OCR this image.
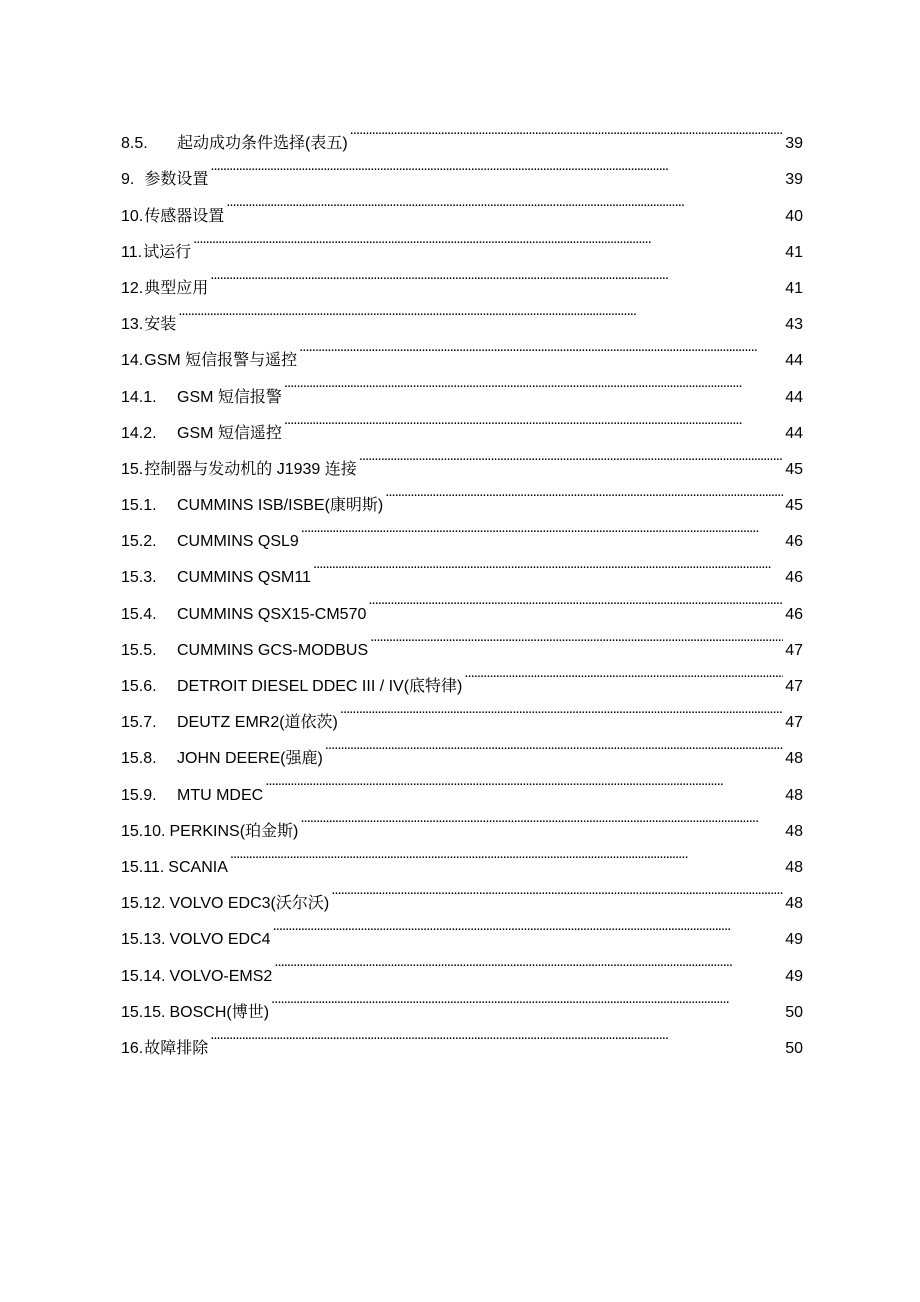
8.5.	起动成功条件选择(表五) . . .	39
9. 参数设置 . . .	39
10. 传感器设置 . . .	40
11. 试运行 . . .	41
12. 典型应用 . . .	41
13. 安装 . . .	43
14. GSM 短信报警与遥控 . . .	44
14.1.	GSM 短信报警 . . .	44
14.2.	GSM 短信遥控 . . .	44
15. 控制器与发动机的 J1939 连接 . . .	45
15.1.	CUMMINS ISB/ISBE(康明斯) . . .	45
15.2.	CUMMINS QSL9 . . .	46
15.3.	CUMMINS QSM11 . . .	46
15.4.	CUMMINS QSX15-CM570 . . .	46
15.5.	CUMMINS GCS-MODBUS . . .	47
15.6.	DETROIT DIESEL DDEC III / IV(底特律) . . .	47
15.7.	DEUTZ EMR2(道依茨) . . .	47
15.8.	JOHN DEERE(强鹿) . . .	48
15.9.	MTU MDEC . . .	48
15.10. PERKINS(珀金斯) . . .	48
15.11. SCANIA . . .	48
15.12. VOLVO EDC3(沃尔沃) . . .	48
15.13. VOLVO EDC4 . . .	49
15.14. VOLVO-EMS2 . . .	49
15.15. BOSCH(博世) . . .	50
16. 故障排除 . . .	50
